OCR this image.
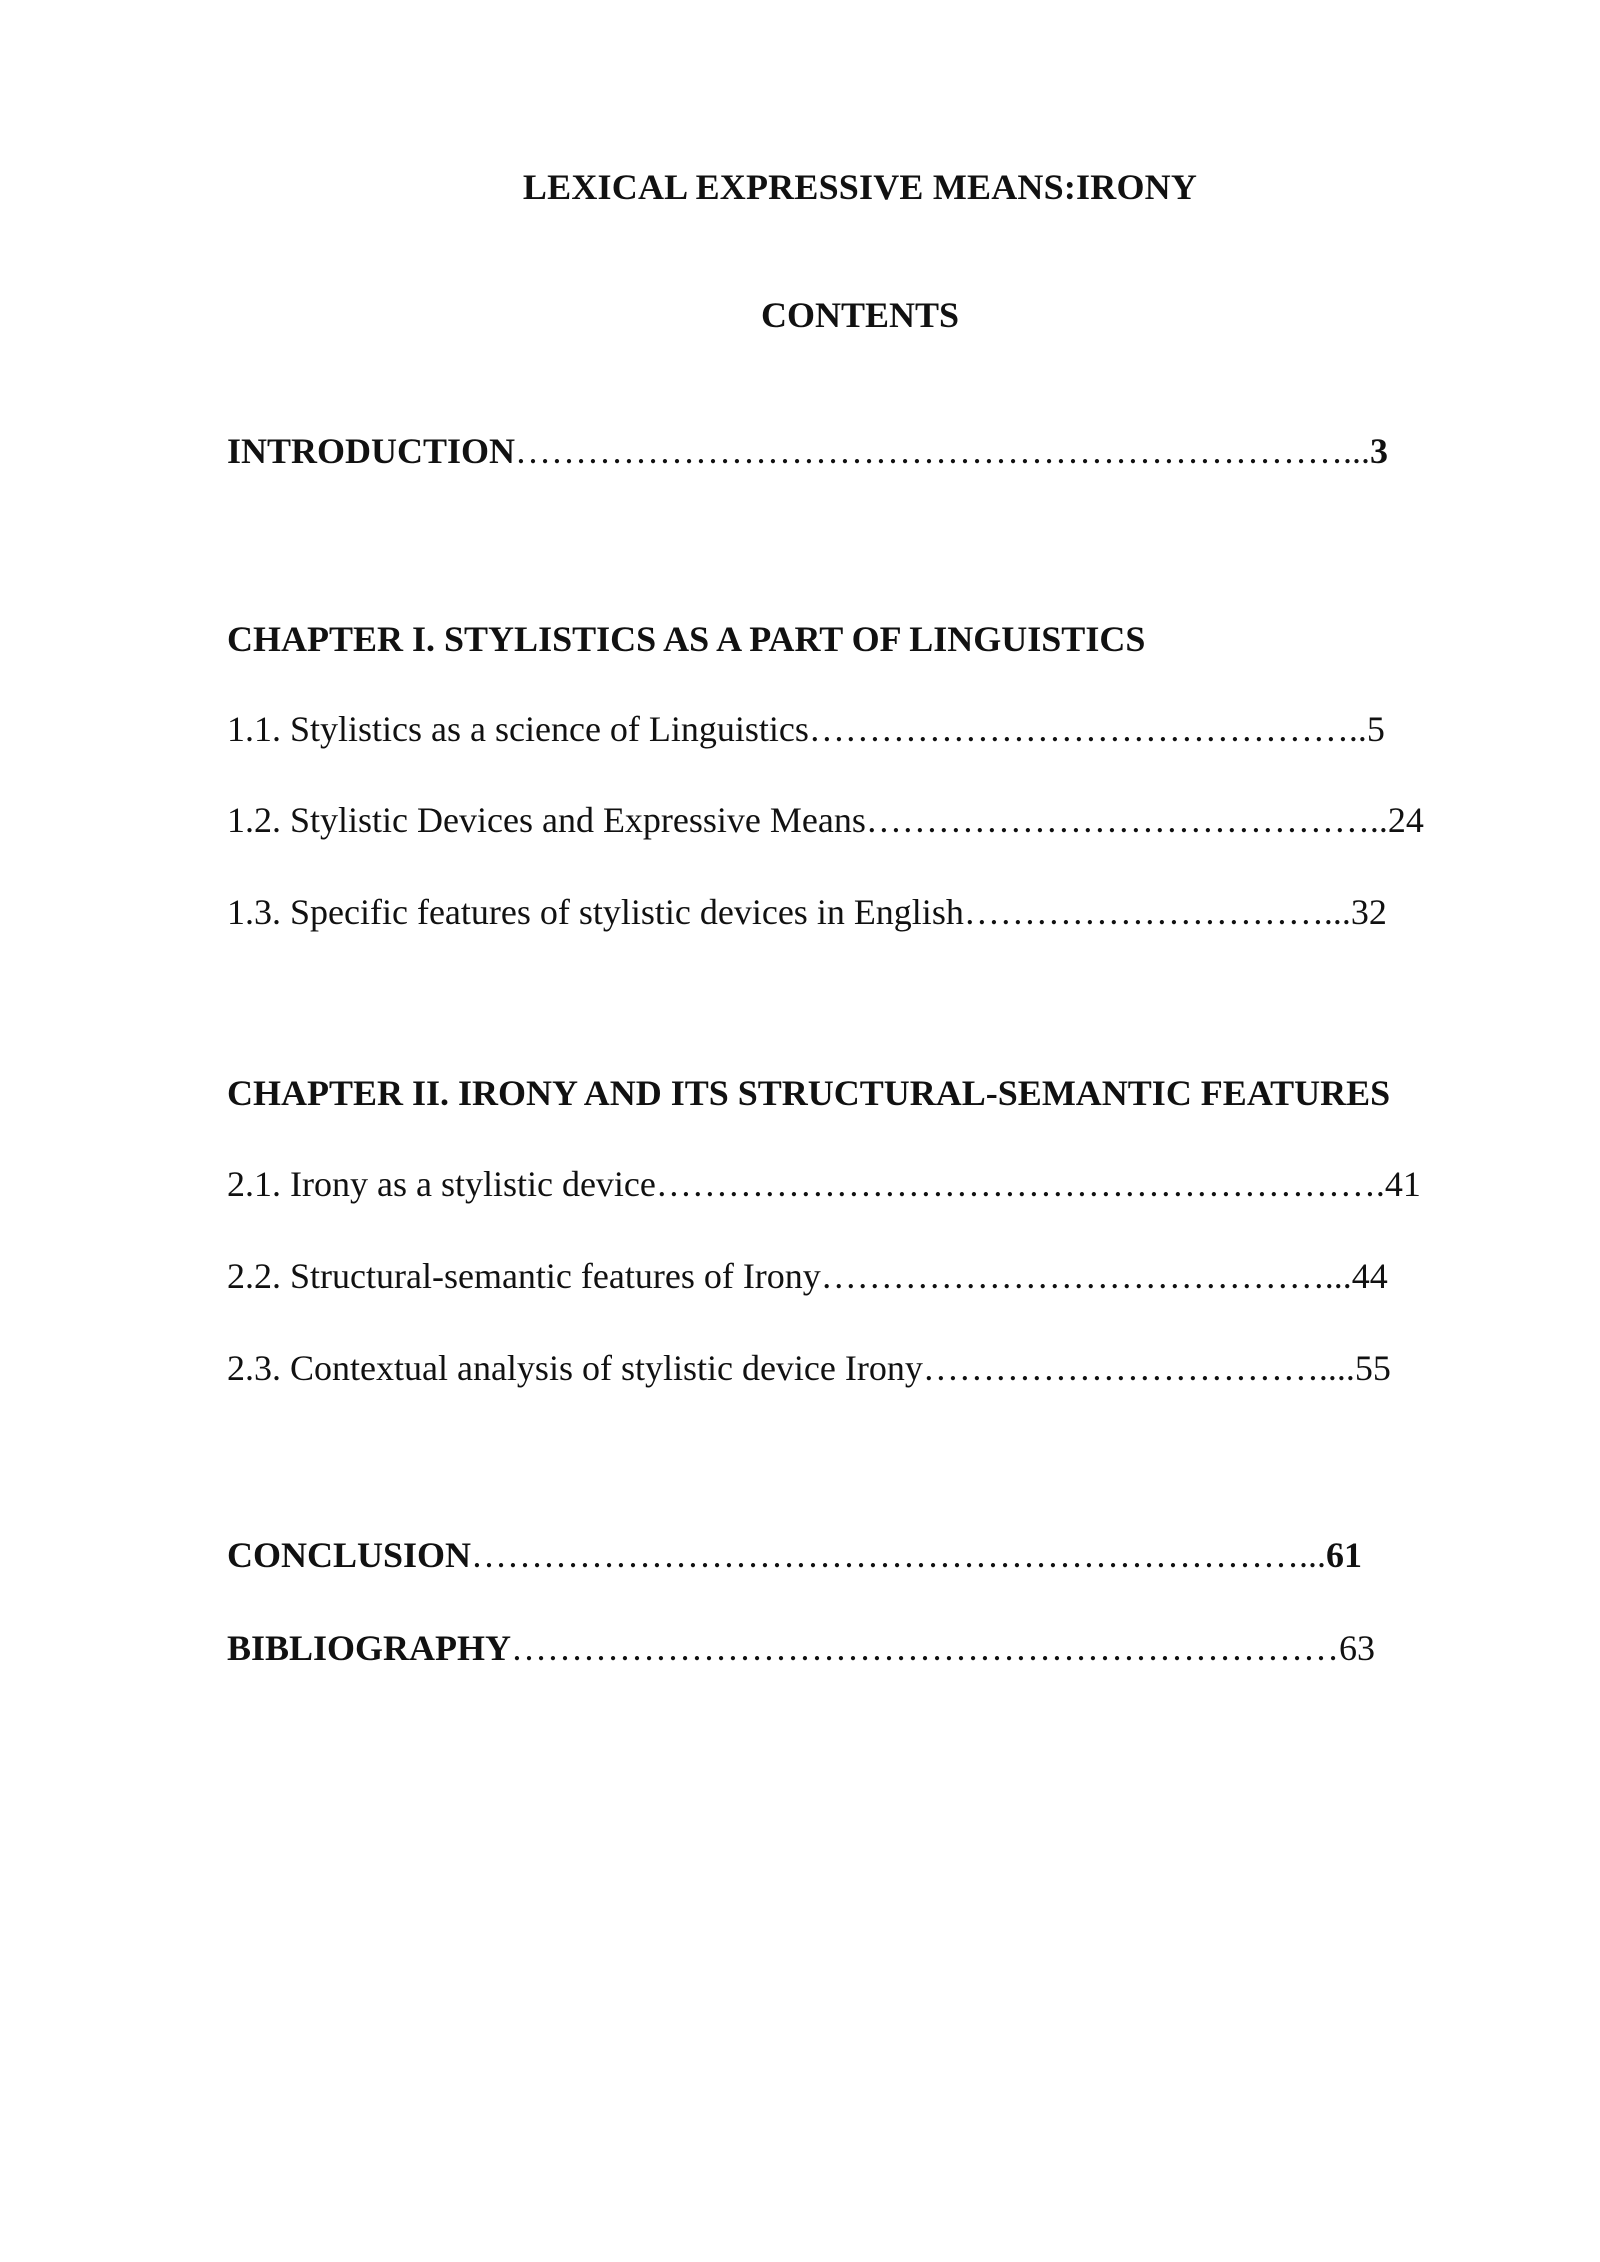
LEXICAL EXPRESSIVE MEANS:IRONY
CONTENTS
INTRODUCTION……………………………………………………………...3
CHAPTER I. STYLISTICS AS A PART OF LINGUISTICS
1.1. Stylistics as a science of Linguistics………………………………………..5
1.2. Stylistic Devices and Expressive Means……………………………………..24
1.3. Specific features of stylistic devices in English…………………………...32
CHAPTER II. IRONY AND ITS STRUCTURAL-SEMANTIC FEATURES
2.1. Irony as a stylistic device…………………………………………………….41
2.2. Structural-semantic features of Irony……………………………………...44
2.3. Contextual analysis of stylistic device Irony……………………………....55
CONCLUSION……………………………………………………………...61
BIBLIOGRAPHY……………………………………………………………63
